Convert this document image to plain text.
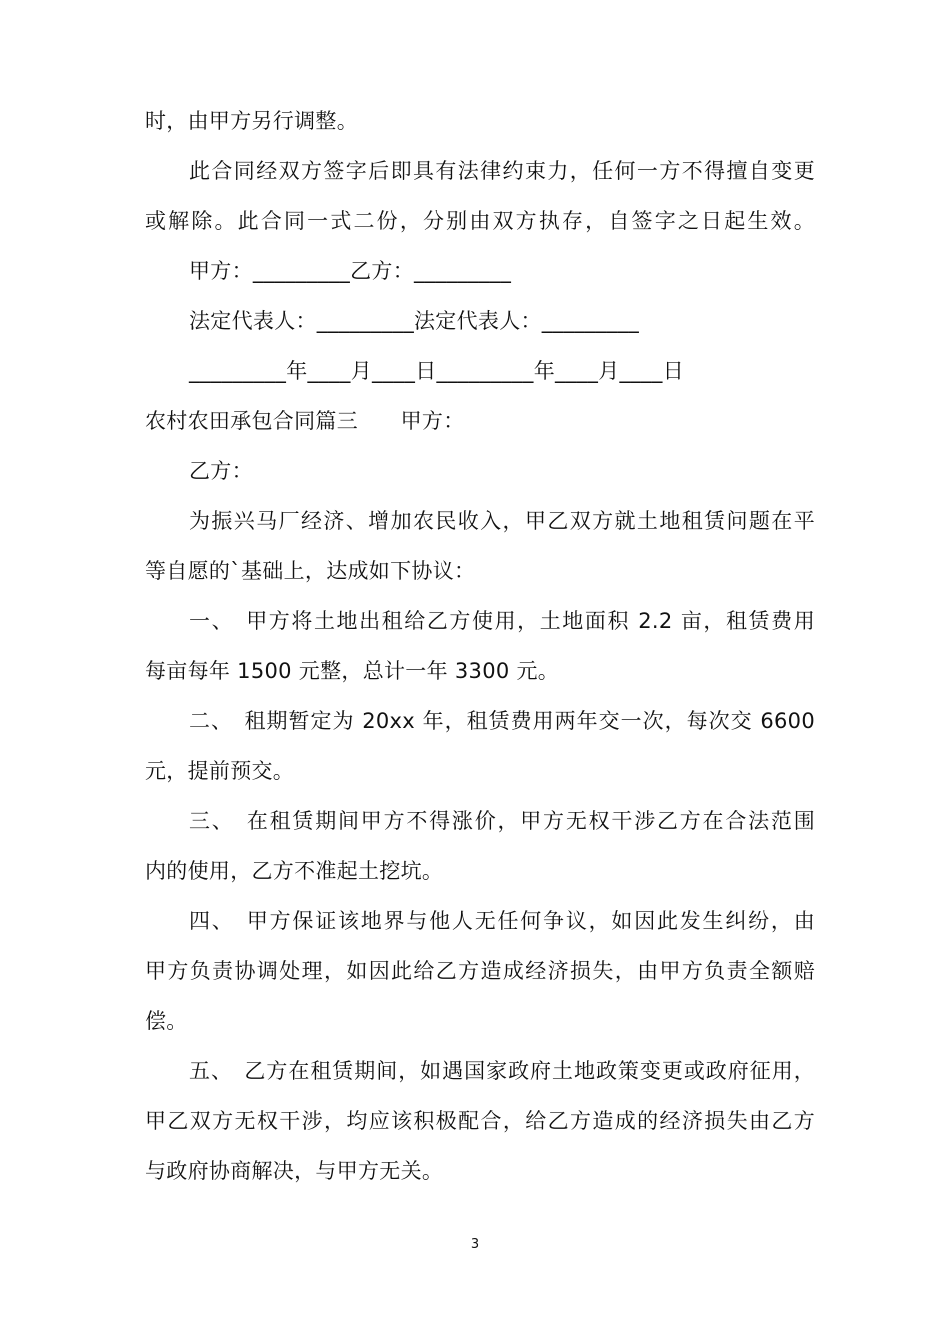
时，由甲方另行调整。
此合同经双方签字后即具有法律约束力，任何一方不得擅自变更
或解除。此合同一式二份，分别由双方执存，自签字之日起生效。
甲方：_________乙方：_________
法定代表人：_________法定代表人：_________
_________年____月____日_________年____月____日
农村农田承包合同篇三　　甲方：
乙方：
为振兴马厂经济、增加农民收入，甲乙双方就土地租赁问题在平
等自愿的`基础上，达成如下协议：
一、　甲方将土地出租给乙方使用，土地面积 2.2 亩，租赁费用
每亩每年 1500 元整，总计一年 3300 元。
二、　租期暂定为 20xx 年，租赁费用两年交一次，每次交 6600
元，提前预交。
三、　在租赁期间甲方不得涨价，甲方无权干涉乙方在合法范围
内的使用，乙方不准起土挖坑。
四、　甲方保证该地界与他人无任何争议，如因此发生纠纷，由
甲方负责协调处理，如因此给乙方造成经济损失，由甲方负责全额赔
偿。
五、　乙方在租赁期间，如遇国家政府土地政策变更或政府征用，
甲乙双方无权干涉，均应该积极配合，给乙方造成的经济损失由乙方
与政府协商解决，与甲方无关。
3
